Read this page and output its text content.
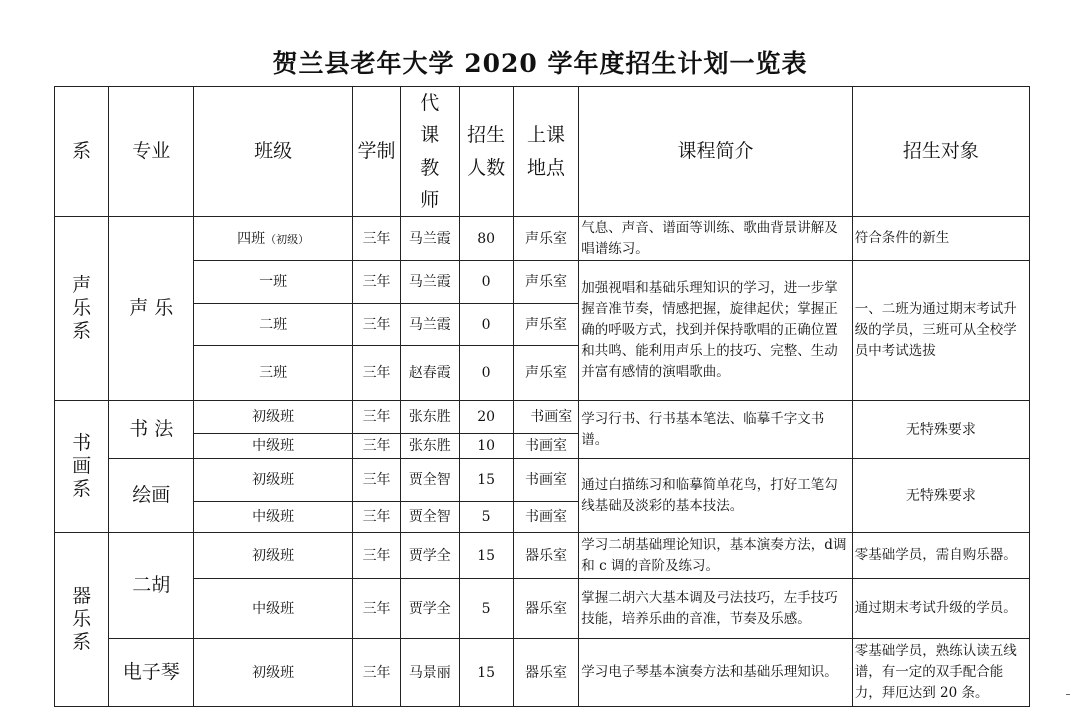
贺兰县老年大学 2020 学年度招生计划一览表
系	专业	班级	学制	代课教师	招生人数	上课地点	课程简介	招生对象

声乐系	声 乐	四班（初级）	三年	马兰霞	80	声乐室	气息、声音、谱面等训练、歌曲背景讲解及唱谱练习。	符合条件的新生
		一班	三年	马兰霞	0	声乐室	加强视唱和基础乐理知识的学习，进一步掌握音准节奏，情感把握，旋律起伏；掌握正确的呼吸方式，找到并保持歌唱的正确位置和共鸣、能利用声乐上的技巧、完整、生动并富有感情的演唱歌曲。	一、二班为通过期末考试升级的学员，三班可从全校学员中考试选拔
		二班	三年	马兰霞	0	声乐室		
		三班	三年	赵春霞	0	声乐室		

书画系	书 法	初级班	三年	张东胜	20	书画室	学习行书、行书基本笔法、临摹千字文书谱。	无特殊要求
		中级班	三年	张东胜	10	书画室		
	绘画	初级班	三年	贾全智	15	书画室	通过白描练习和临摹简单花鸟，打好工笔勾线基础及淡彩的基本技法。	无特殊要求
		中级班	三年	贾全智	5	书画室		

器乐系	二胡	初级班	三年	贾学全	15	器乐室	学习二胡基础理论知识，基本演奏方法，d调和 c 调的音阶及练习。	零基础学员，需自购乐器。
		中级班	三年	贾学全	5	器乐室	掌握二胡六大基本调及弓法技巧，左手技巧技能，培养乐曲的音准，节奏及乐感。	通过期末考试升级的学员。
	电子琴	初级班	三年	马景丽	15	器乐室	学习电子琴基本演奏方法和基础乐理知识。	零基础学员，熟练认读五线谱，有一定的双手配合能力，拜厄达到 20 条。
